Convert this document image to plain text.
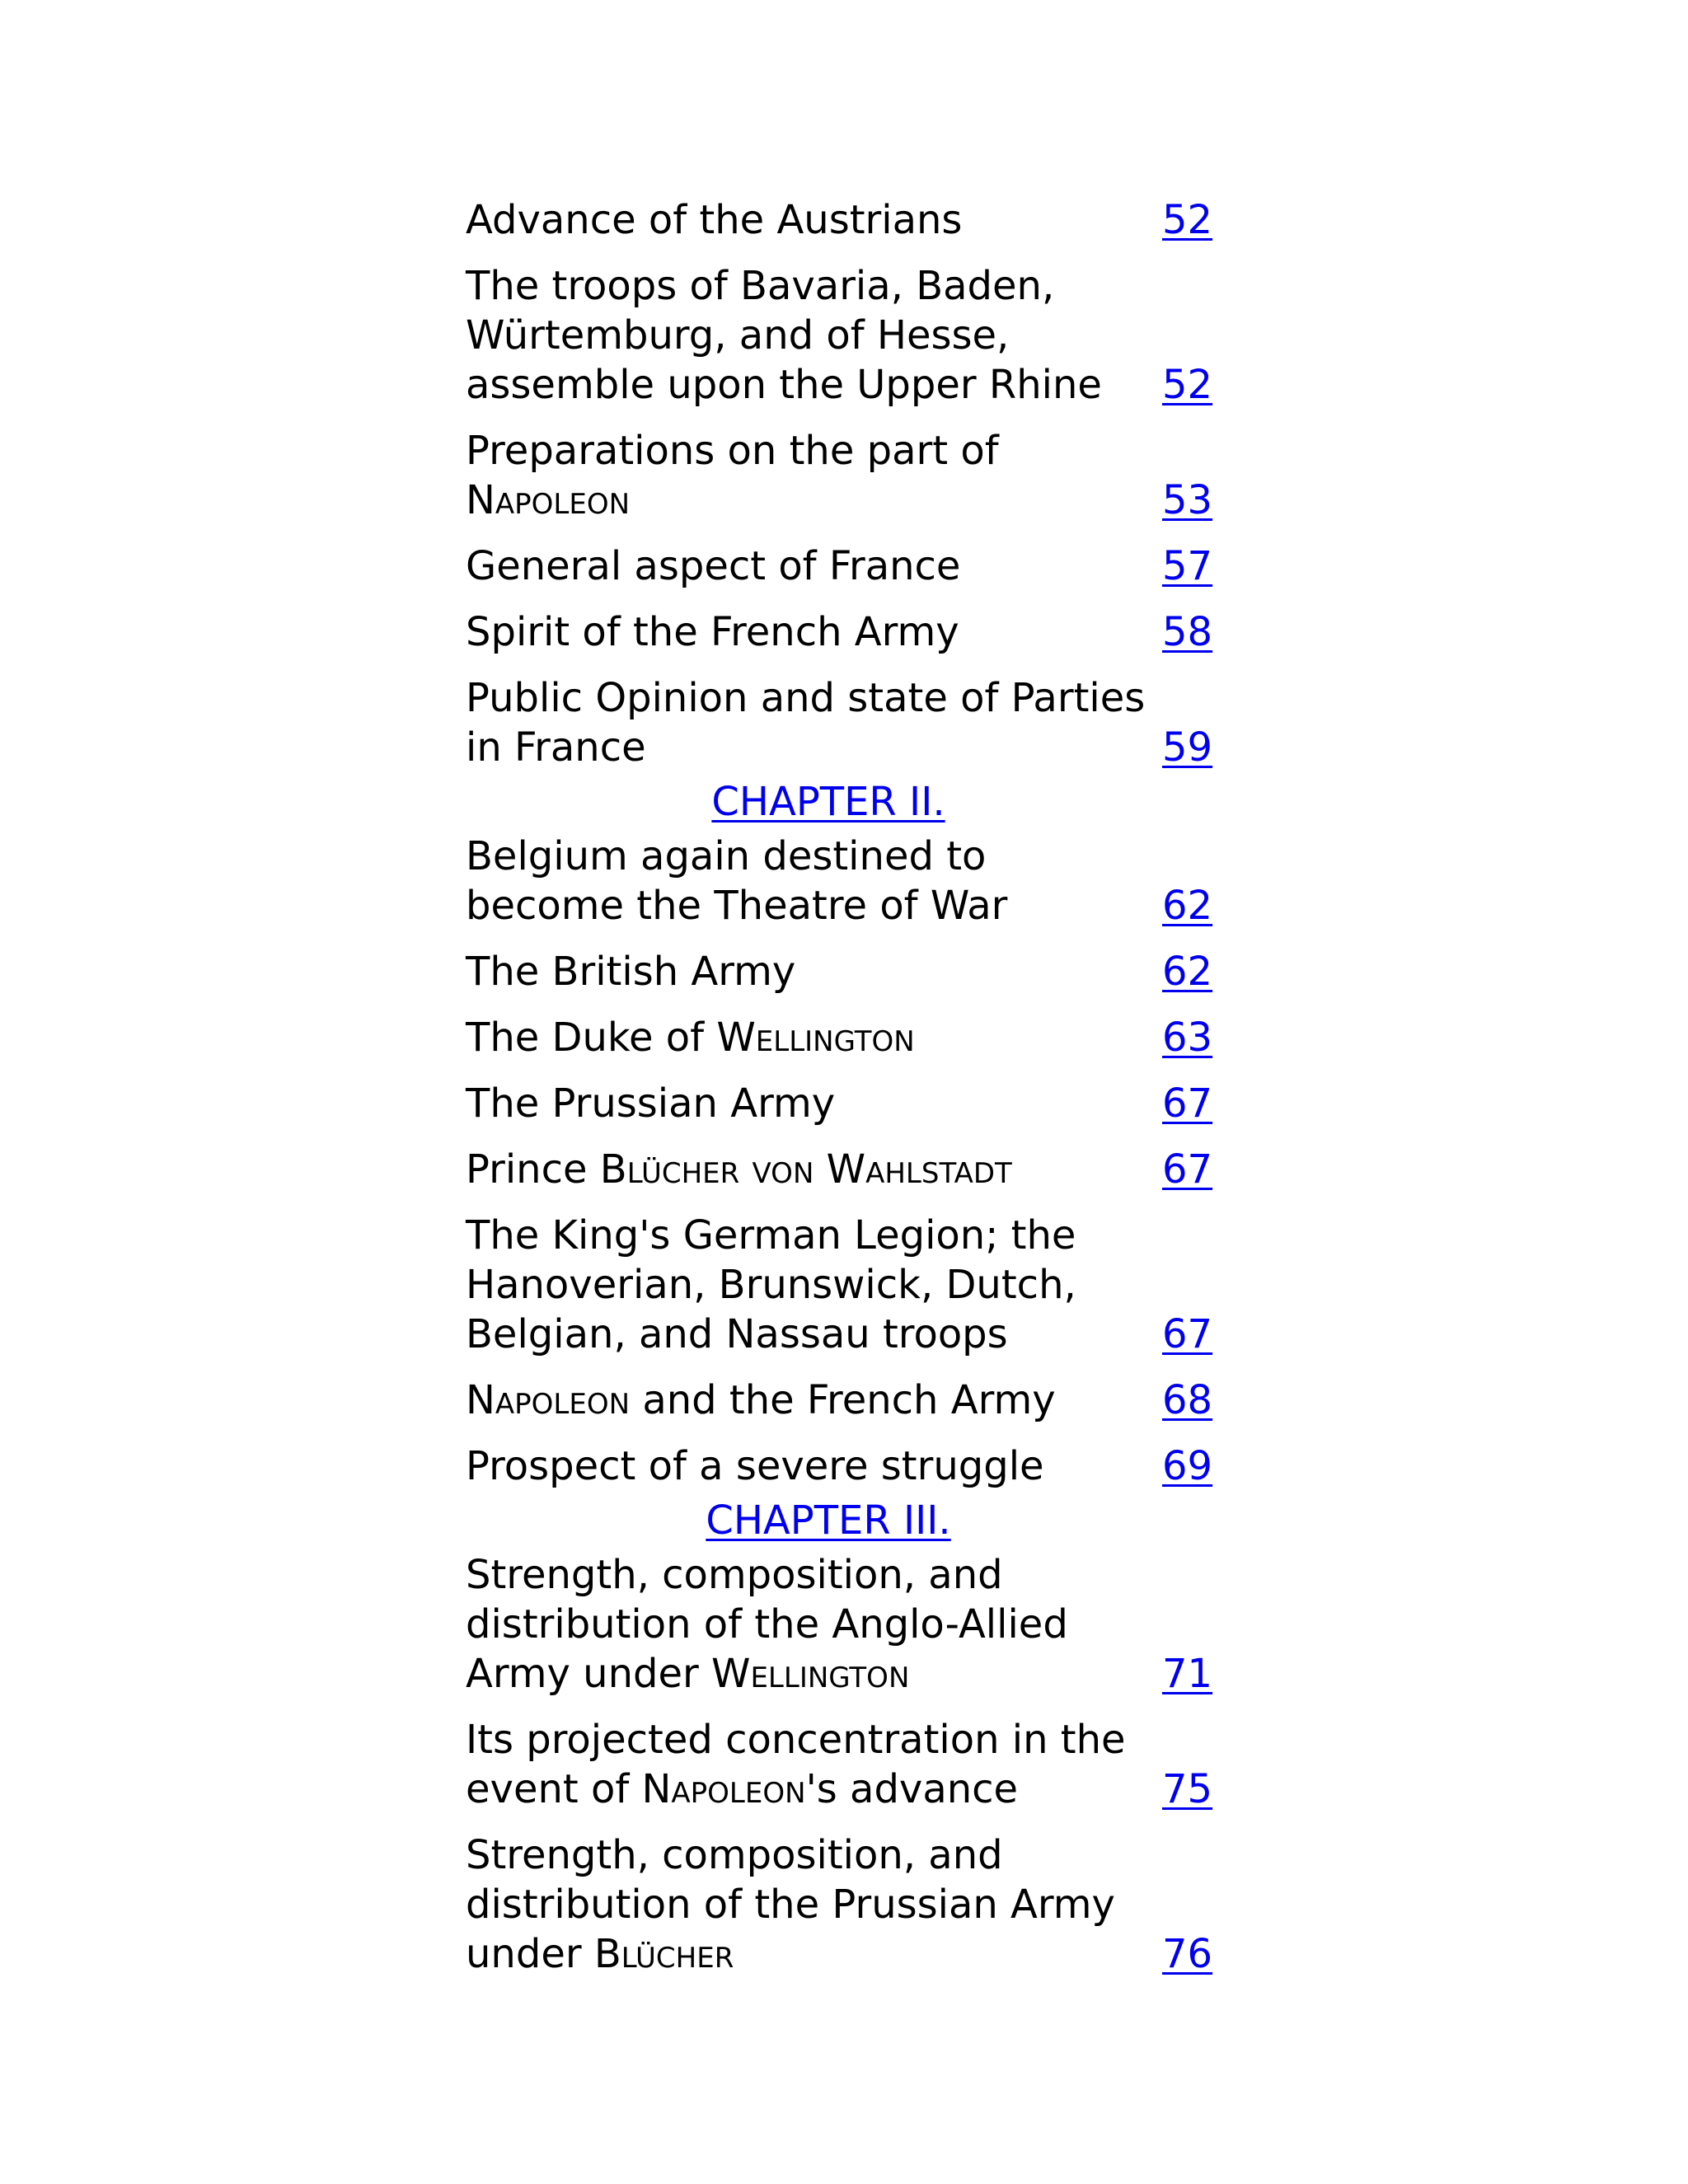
Advance of the Austrians	52
The troops of Bavaria, Baden, Würtemburg, and of Hesse, assemble upon the Upper Rhine	52
Preparations on the part of Napoleon	53
General aspect of France	57
Spirit of the French Army	58
Public Opinion and state of Parties in France	59
CHAPTER II.
Belgium again destined to become the Theatre of War	62
The British Army	62
The Duke of Wellington	63
The Prussian Army	67
Prince Blücher von Wahlstadt	67
The King's German Legion; the Hanoverian, Brunswick, Dutch, Belgian, and Nassau troops	67
Napoleon and the French Army	68
Prospect of a severe struggle	69
CHAPTER III.
Strength, composition, and distribution of the Anglo-Allied Army under Wellington	71
Its projected concentration in the event of Napoleon's advance	75
Strength, composition, and distribution of the Prussian Army under Blücher	76
